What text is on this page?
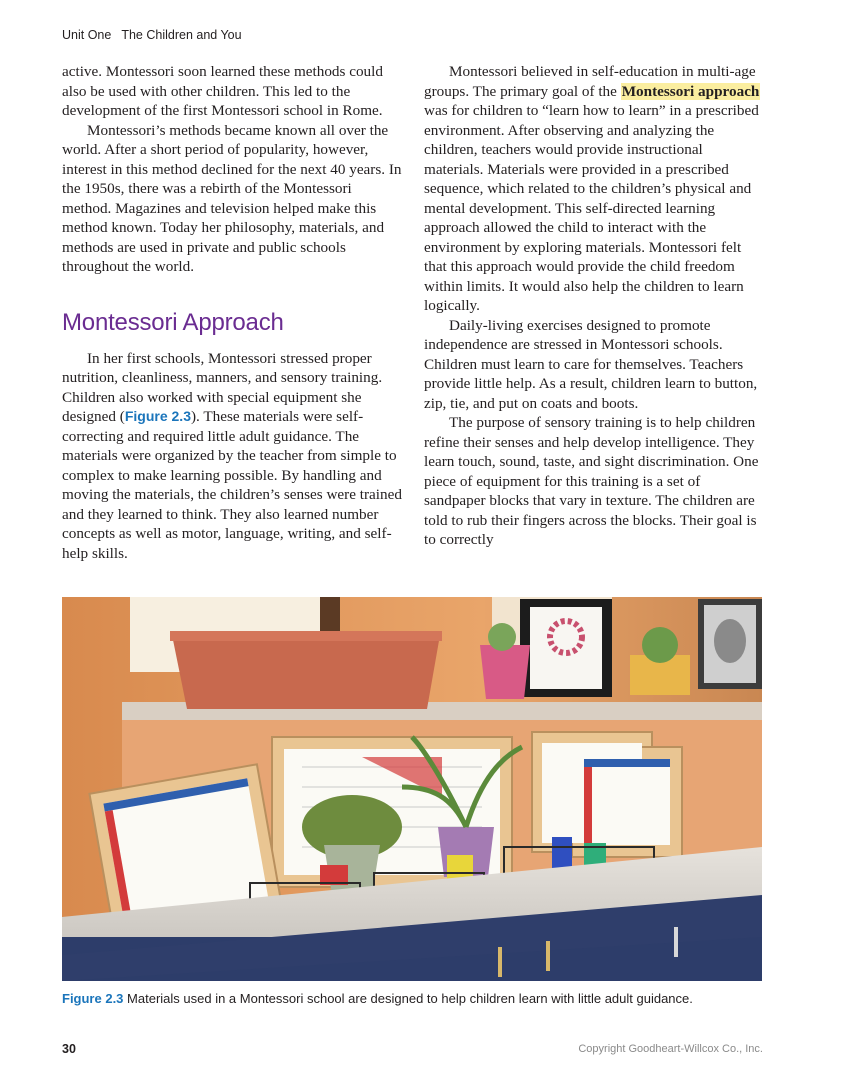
Unit One The Children and You

active. Montessori soon learned these methods could also be used with other children. This led to the development of the first Montessori school in Rome.

Montessori’s methods became known all over the world. After a short period of popularity, however, interest in this method declined for the next 40 years. In the 1950s, there was a rebirth of the Montessori method. Magazines and television helped make this method known. Today her philosophy, materials, and methods are used in private and public schools throughout the world.

Montessori Approach

In her first schools, Montessori stressed proper nutrition, cleanliness, manners, and sensory training. Children also worked with special equipment she designed (Figure 2.3). These materials were self-correcting and required little adult guidance. The materials were organized by the teacher from simple to complex to make learning possible. By handling and moving the materials, the children’s senses were trained and they learned to think. They also learned number concepts as well as motor, language, writing, and self-help skills.

Montessori believed in self-education in multi-age groups. The primary goal of the Montessori approach was for children to “learn how to learn” in a prescribed environment. After observing and analyzing the children, teachers would provide instructional materials. Materials were provided in a prescribed sequence, which related to the children’s physical and mental development. This self-directed learning approach allowed the child to interact with the environment by exploring materials. Montessori felt that this approach would provide the child freedom within limits. It would also help the children to learn logically.

Daily-living exercises designed to promote independence are stressed in Montessori schools. Children must learn to care for themselves. Teachers provide little help. As a result, children learn to button, zip, tie, and put on coats and boots.

The purpose of sensory training is to help children refine their senses and help develop intelligence. They learn touch, sound, taste, and sight discrimination. One piece of equipment for this training is a set of sandpaper blocks that vary in texture. The children are told to rub their fingers across the blocks. Their goal is to correctly

Figure 2.3 Materials used in a Montessori school are designed to help children learn with little adult guidance.
30	Copyright Goodheart-Willcox Co., Inc.
